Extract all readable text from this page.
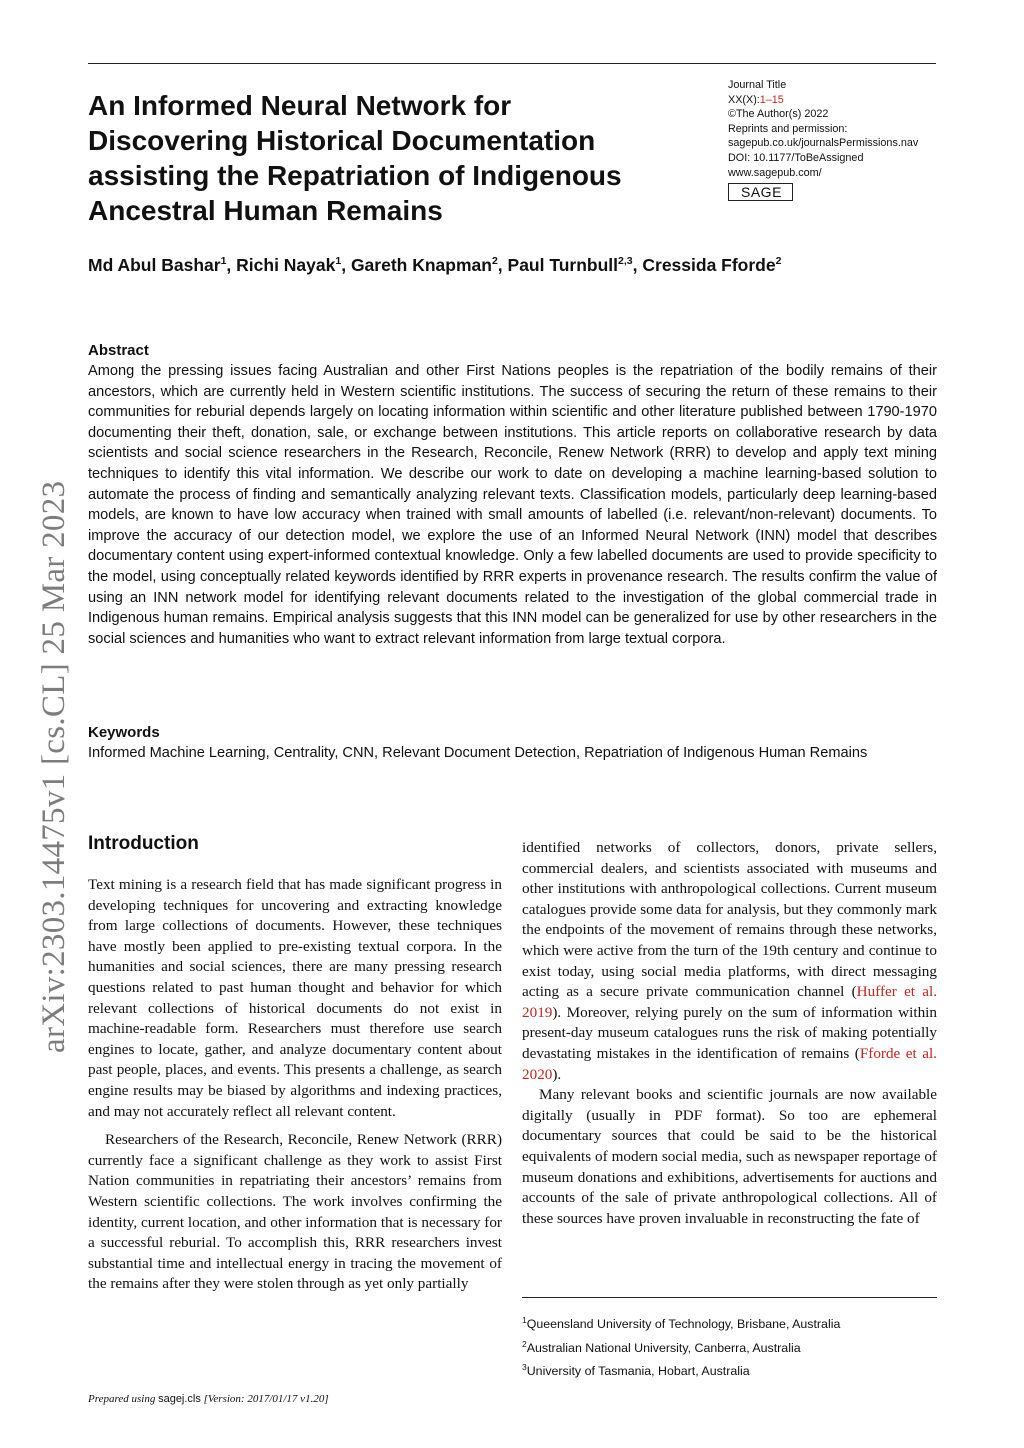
An Informed Neural Network for
Discovering Historical Documentation
assisting the Repatriation of Indigenous
Ancestral Human Remains
Journal Title
XX(X):1–15
©The Author(s) 2022
Reprints and permission:
sagepub.co.uk/journalsPermissions.nav
DOI: 10.1177/ToBeAssigned
www.sagepub.com/
SAGE
Md Abul Bashar$^1$, Richi Nayak$^1$, Gareth Knapman$^2$, Paul Turnbull$^{2,3}$, Cressida Fforde$^2$
Abstract

Among the pressing issues facing Australian and other First Nations peoples is the repatriation of the bodily remains of their ancestors, which are currently held in Western scientific institutions. The success of securing the return of these remains to their communities for reburial depends largely on locating information within scientific and other literature published between 1790-1970 documenting their theft, donation, sale, or exchange between institutions. This article reports on collaborative research by data scientists and social science researchers in the Research, Reconcile, Renew Network (RRR) to develop and apply text mining techniques to identify this vital information. We describe our work to date on developing a machine learning-based solution to automate the process of finding and semantically analyzing relevant texts. Classification models, particularly deep learning-based models, are known to have low accuracy when trained with small amounts of labelled (i.e. relevant/non-relevant) documents. To improve the accuracy of our detection model, we explore the use of an Informed Neural Network (INN) model that describes documentary content using expert-informed contextual knowledge. Only a few labelled documents are used to provide specificity to the model, using conceptually related keywords identified by RRR experts in provenance research. The results confirm the value of using an INN network model for identifying relevant documents related to the investigation of the global commercial trade in Indigenous human remains. Empirical analysis suggests that this INN model can be generalized for use by other researchers in the social sciences and humanities who want to extract relevant information from large textual corpora.

Keywords

Informed Machine Learning, Centrality, CNN, Relevant Document Detection, Repatriation of Indigenous Human Remains

Introduction

Text mining is a research field that has made significant progress in developing techniques for uncovering and extracting knowledge from large collections of documents. However, these techniques have mostly been applied to pre-existing textual corpora. In the humanities and social sciences, there are many pressing research questions related to past human thought and behavior for which relevant collections of historical documents do not exist in machine-readable form. Researchers must therefore use search engines to locate, gather, and analyze documentary content about past people, places, and events. This presents a challenge, as search engine results may be biased by algorithms and indexing practices, and may not accurately reflect all relevant content.

Researchers of the Research, Reconcile, Renew Network (RRR) currently face a significant challenge as they work to assist First Nation communities in repatriating their ancestors’ remains from Western scientific collections. The work involves confirming the identity, current location, and other information that is necessary for a successful reburial. To accomplish this, RRR researchers invest substantial time and intellectual energy in tracing the movement of the remains after they were stolen through as yet only partially

identified networks of collectors, donors, private sellers, commercial dealers, and scientists associated with museums and other institutions with anthropological collections. Current museum catalogues provide some data for analysis, but they commonly mark the endpoints of the movement of remains through these networks, which were active from the turn of the 19th century and continue to exist today, using social media platforms, with direct messaging acting as a secure private communication channel (Huffer et al. 2019). Moreover, relying purely on the sum of information within present-day museum catalogues runs the risk of making potentially devastating mistakes in the identification of remains (Fforde et al. 2020).

Many relevant books and scientific journals are now available digitally (usually in PDF format). So too are ephemeral documentary sources that could be said to be the historical equivalents of modern social media, such as newspaper reportage of museum donations and exhibitions, advertisements for auctions and accounts of the sale of private anthropological collections. All of these sources have proven invaluable in reconstructing the fate of

$^1$Queensland University of Technology, Brisbane, Australia
$^2$Australian National University, Canberra, Australia
$^3$University of Tasmania, Hobart, Australia
Prepared using sagej.cls [Version: 2017/01/17 v1.20]
arXiv:2303.14475v1 [cs.CL] 25 Mar 2023
